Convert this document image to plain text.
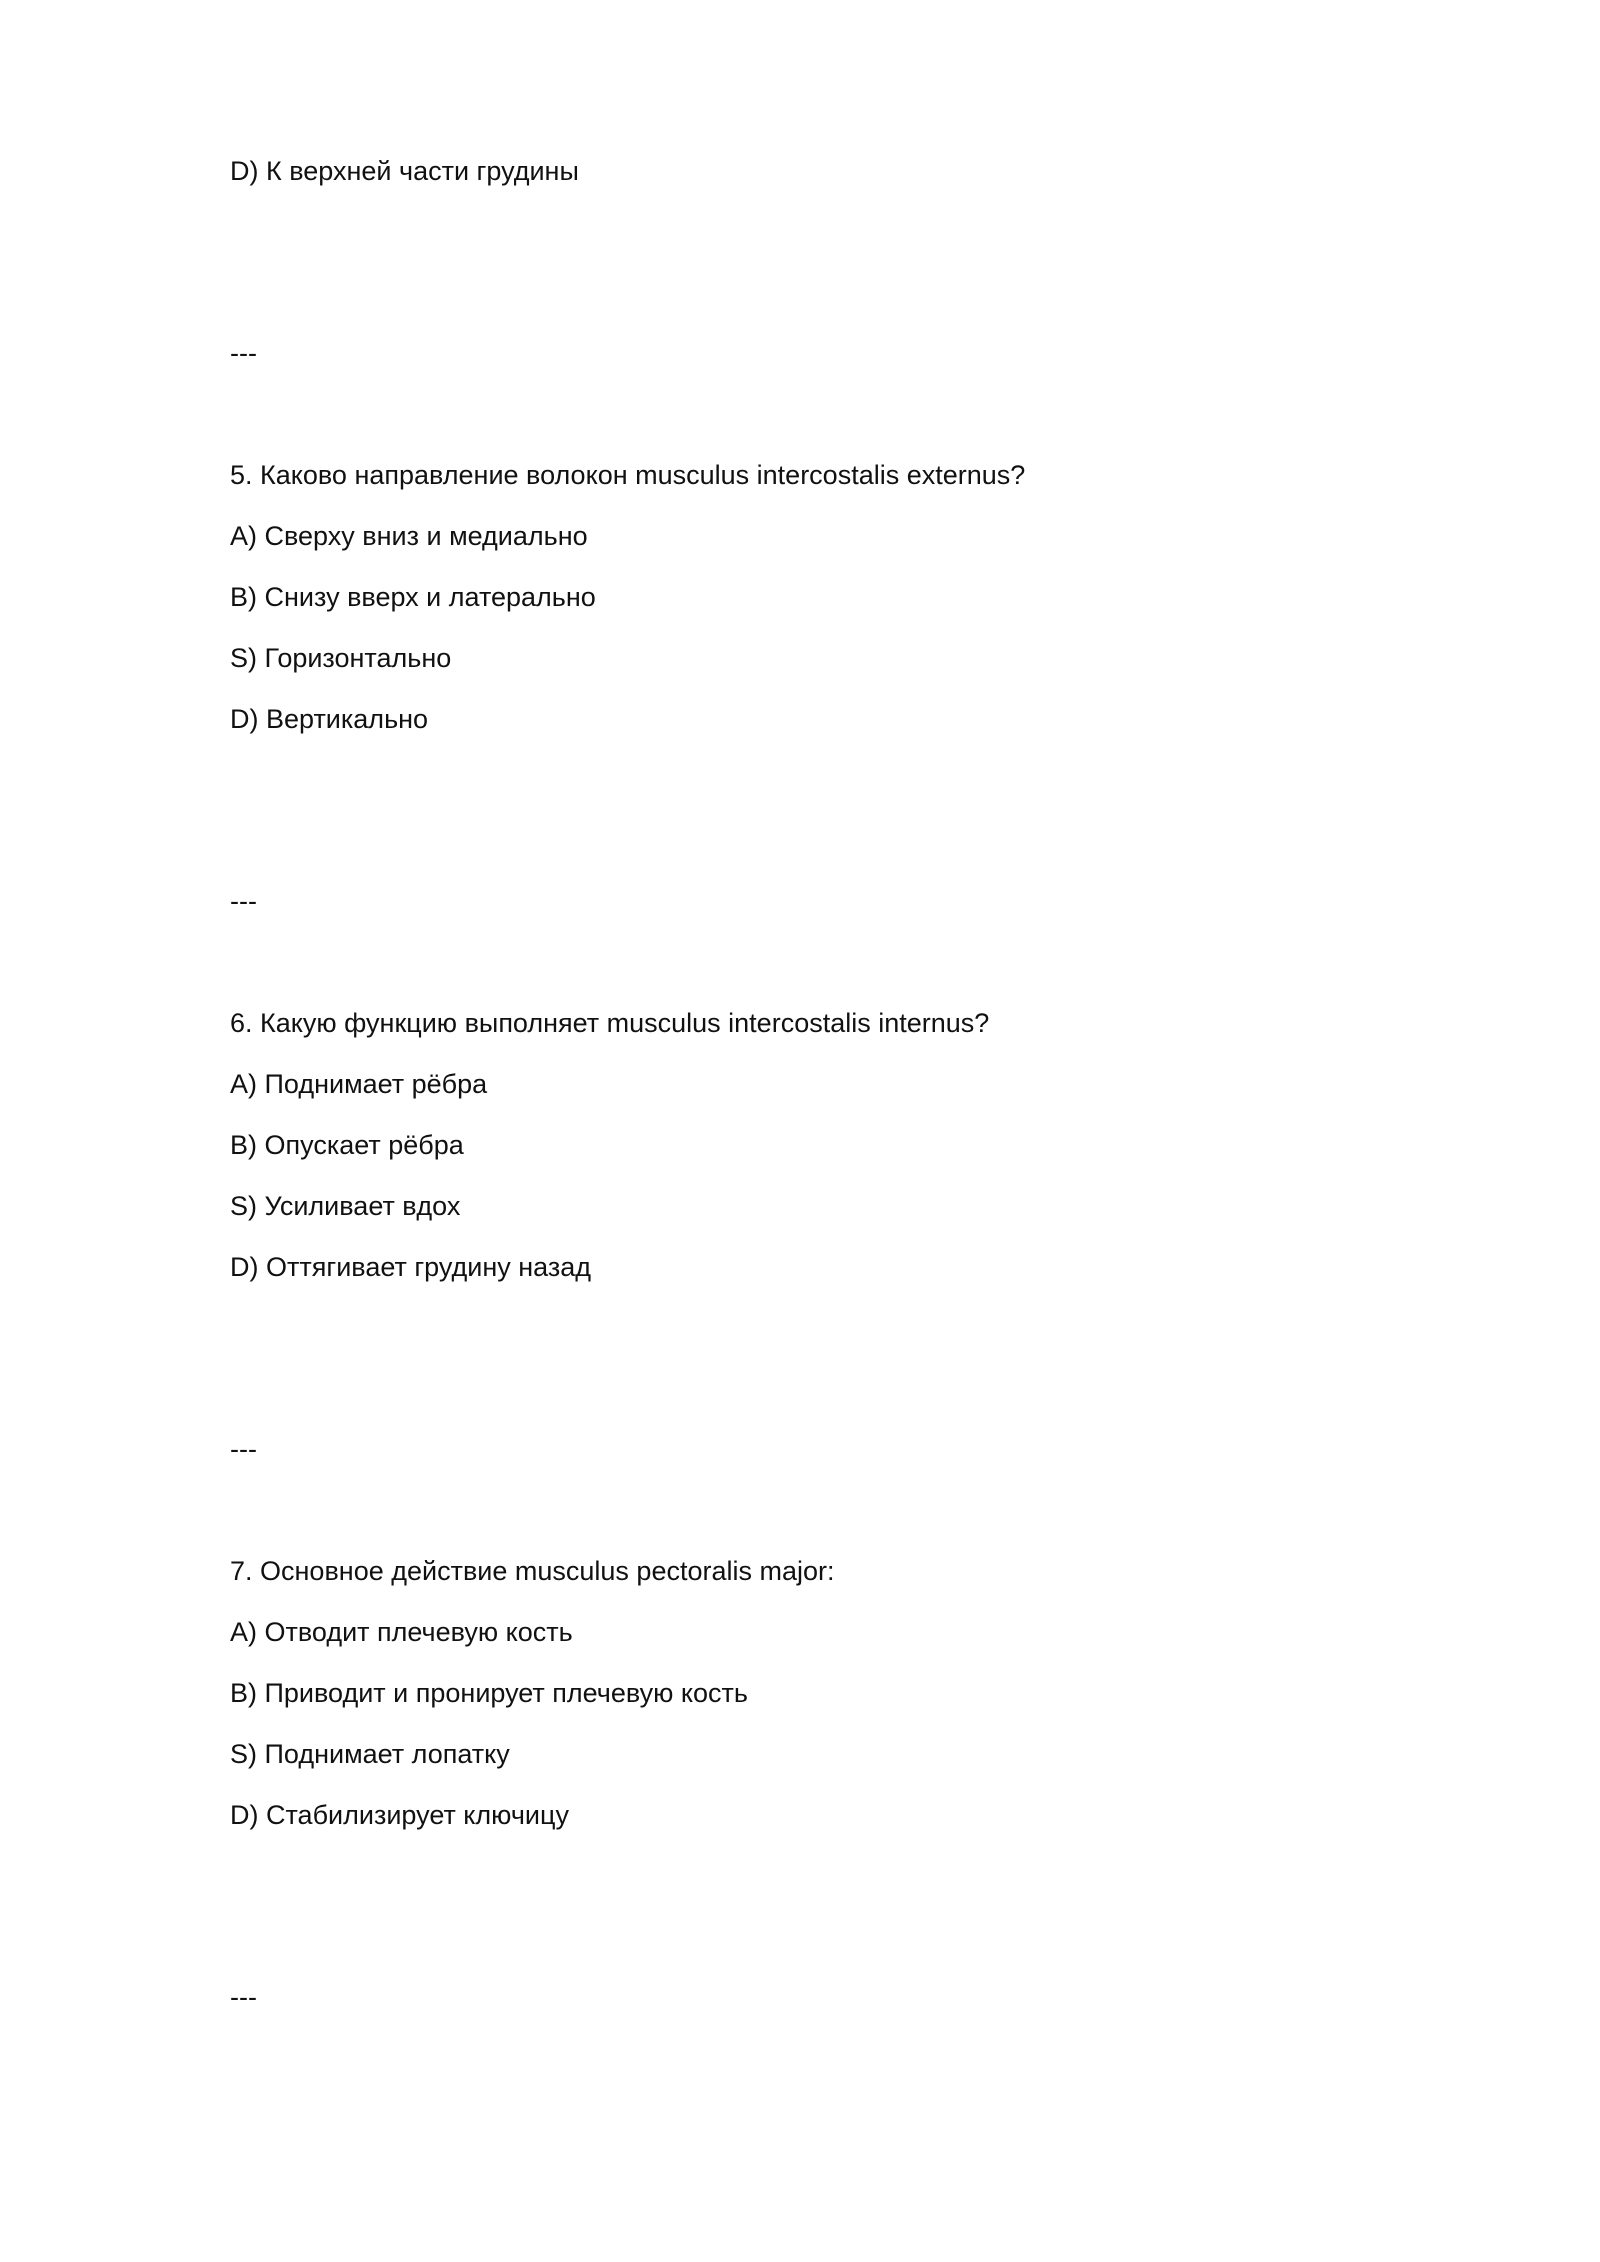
D) К верхней части грудины
---
5. Каково направление волокон musculus intercostalis externus?
A) Сверху вниз и медиально
B) Снизу вверх и латерально
S) Горизонтально
D) Вертикально
---
6. Какую функцию выполняет musculus intercostalis internus?
A) Поднимает рёбра
B) Опускает рёбра
S) Усиливает вдох
D) Оттягивает грудину назад
---
7. Основное действие musculus pectoralis major:
A) Отводит плечевую кость
B) Приводит и пронирует плечевую кость
S) Поднимает лопатку
D) Стабилизирует ключицу
---
